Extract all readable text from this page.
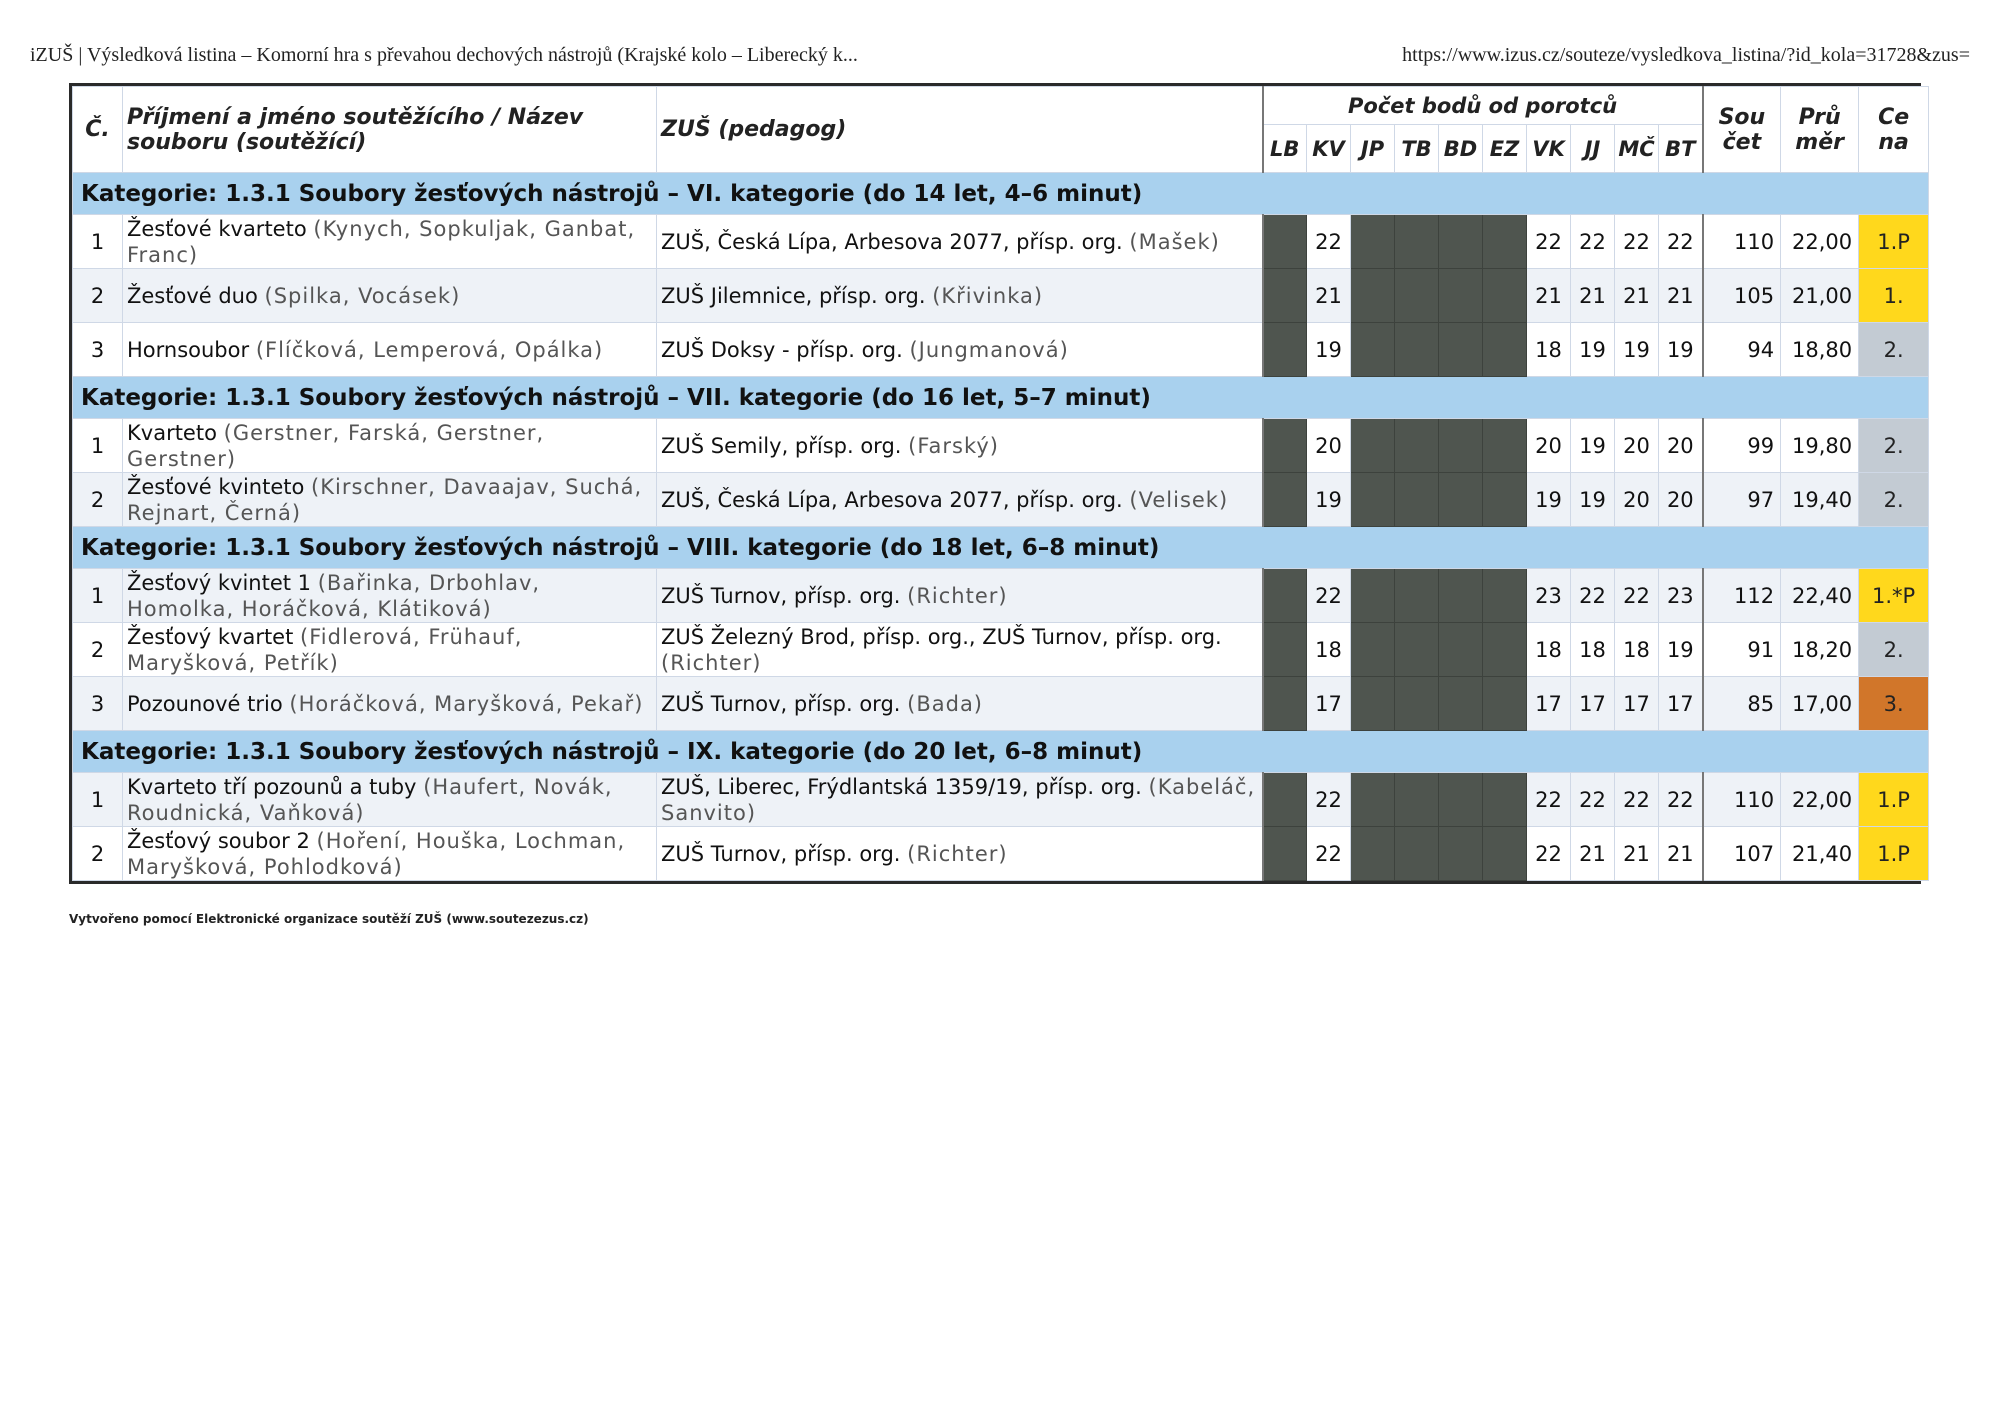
iZUŠ | Výsledková listina – Komorní hra s převahou dechových nástrojů (Krajské kolo – Liberecký k...	https://www.izus.cz/souteze/vysledkova_listina/?id_kola=31728&zus=
Č.	Příjmení a jméno soutěžícího / Název souboru (soutěžící)	ZUŠ (pedagog)	Počet bodů od porotců										Sou čet	Prů měr	Ce na
			LB	KV	JP	TB	BD	EZ	VK	JJ	MČ	BT			
Kategorie: 1.3.1 Soubory žesťových nástrojů – VI. kategorie (do 14 let, 4–6 minut)															
1	Žesťové kvarteto (Kynych, Sopkuljak, Ganbat, Franc)	ZUŠ, Česká Lípa, Arbesova 2077, přísp. org. (Mašek)		22					22	22	22	22	110	22,00	1.P
2	Žesťové duo (Spilka, Vocásek)	ZUŠ Jilemnice, přísp. org. (Křivinka)		21					21	21	21	21	105	21,00	1.
3	Hornsoubor (Flíčková, Lemperová, Opálka)	ZUŠ Doksy - přísp. org. (Jungmanová)		19					18	19	19	19	94	18,80	2.
Kategorie: 1.3.1 Soubory žesťových nástrojů – VII. kategorie (do 16 let, 5–7 minut)															
1	Kvarteto (Gerstner, Farská, Gerstner, Gerstner)	ZUŠ Semily, přísp. org. (Farský)		20					20	19	20	20	99	19,80	2.
2	Žesťové kvinteto (Kirschner, Davaajav, Suchá, Rejnart, Černá)	ZUŠ, Česká Lípa, Arbesova 2077, přísp. org. (Velisek)		19					19	19	20	20	97	19,40	2.
Kategorie: 1.3.1 Soubory žesťových nástrojů – VIII. kategorie (do 18 let, 6–8 minut)															
1	Žesťový kvintet 1 (Bařinka, Drbohlav, Homolka, Horáčková, Klátiková)	ZUŠ Turnov, přísp. org. (Richter)		22					23	22	22	23	112	22,40	1.*P
2	Žesťový kvartet (Fidlerová, Frühauf, Maryšková, Petřík)	ZUŠ Železný Brod, přísp. org., ZUŠ Turnov, přísp. org. (Richter)		18					18	18	18	19	91	18,20	2.
3	Pozounové trio (Horáčková, Maryšková, Pekař)	ZUŠ Turnov, přísp. org. (Bada)		17					17	17	17	17	85	17,00	3.
Kategorie: 1.3.1 Soubory žesťových nástrojů – IX. kategorie (do 20 let, 6–8 minut)															
1	Kvarteto tří pozounů a tuby (Haufert, Novák, Roudnická, Vaňková)	ZUŠ, Liberec, Frýdlantská 1359/19, přísp. org. (Kabeláč, Sanvito)		22					22	22	22	22	110	22,00	1.P
2	Žesťový soubor 2 (Hoření, Houška, Lochman, Maryšková, Pohlodková)	ZUŠ Turnov, přísp. org. (Richter)		22					22	21	21	21	107	21,40	1.P
Vytvořeno pomocí Elektronické organizace soutěží ZUŠ (www.soutezezus.cz)
